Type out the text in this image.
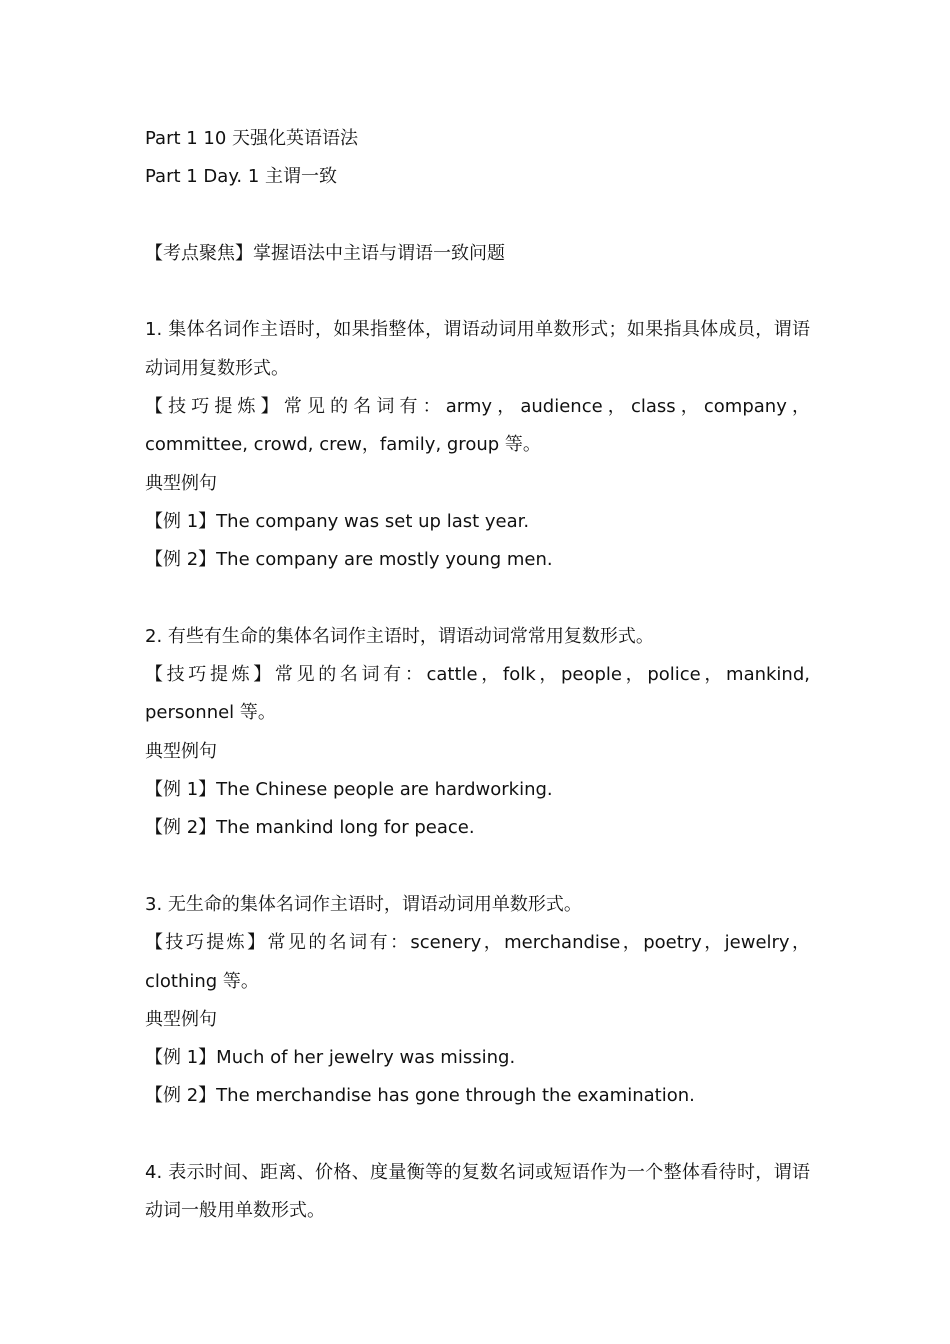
Part 1 10 天强化英语语法
Part 1 Day. 1 主谓一致
【考点聚焦】掌握语法中主语与谓语一致问题
1. 集体名词作主语时，如果指整体，谓语动词用单数形式；如果指具体成员，谓语动词用复数形式。
【技巧提炼】常见的名词有：army，audience，class，company，committee, crowd, crew，family, group 等。
典型例句
【例 1】The company was set up last year.
【例 2】The company are mostly young men.
2. 有些有生命的集体名词作主语时，谓语动词常常用复数形式。
【技巧提炼】常见的名词有：cattle，folk，people，police，mankind, personnel 等。
典型例句
【例 1】The Chinese people are hardworking.
【例 2】The mankind long for peace.
3. 无生命的集体名词作主语时，谓语动词用单数形式。
【技巧提炼】常见的名词有：scenery，merchandise，poetry，jewelry，clothing 等。
典型例句
【例 1】Much of her jewelry was missing.
【例 2】The merchandise has gone through the examination.
4. 表示时间、距离、价格、度量衡等的复数名词或短语作为一个整体看待时，谓语动词一般用单数形式。
